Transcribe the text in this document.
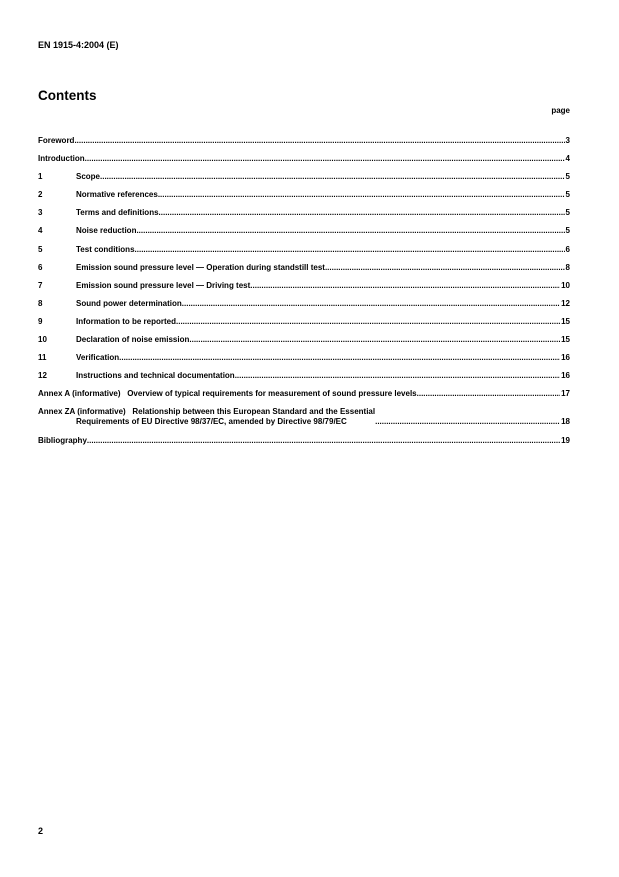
EN 1915-4:2004 (E)
Contents
page
Foreword .....	3
Introduction .....	4
1	Scope .....	5
2	Normative references .....	5
3	Terms and definitions .....	5
4	Noise reduction .....	5
5	Test conditions .....	6
6	Emission sound pressure level — Operation during standstill test .....	8
7	Emission sound pressure level — Driving test .....	10
8	Sound power determination .....	12
9	Information to be reported .....	15
10	Declaration of noise emission .....	15
11	Verification .....	16
12	Instructions and technical documentation .....	16
Annex A (informative)   Overview of typical requirements for measurement of sound pressure levels .....	17
Annex ZA (informative)   Relationship between this European Standard and the Essential
Requirements of EU Directive 98/37/EC, amended by Directive 98/79/EC .....	18
Bibliography .....	19
2
